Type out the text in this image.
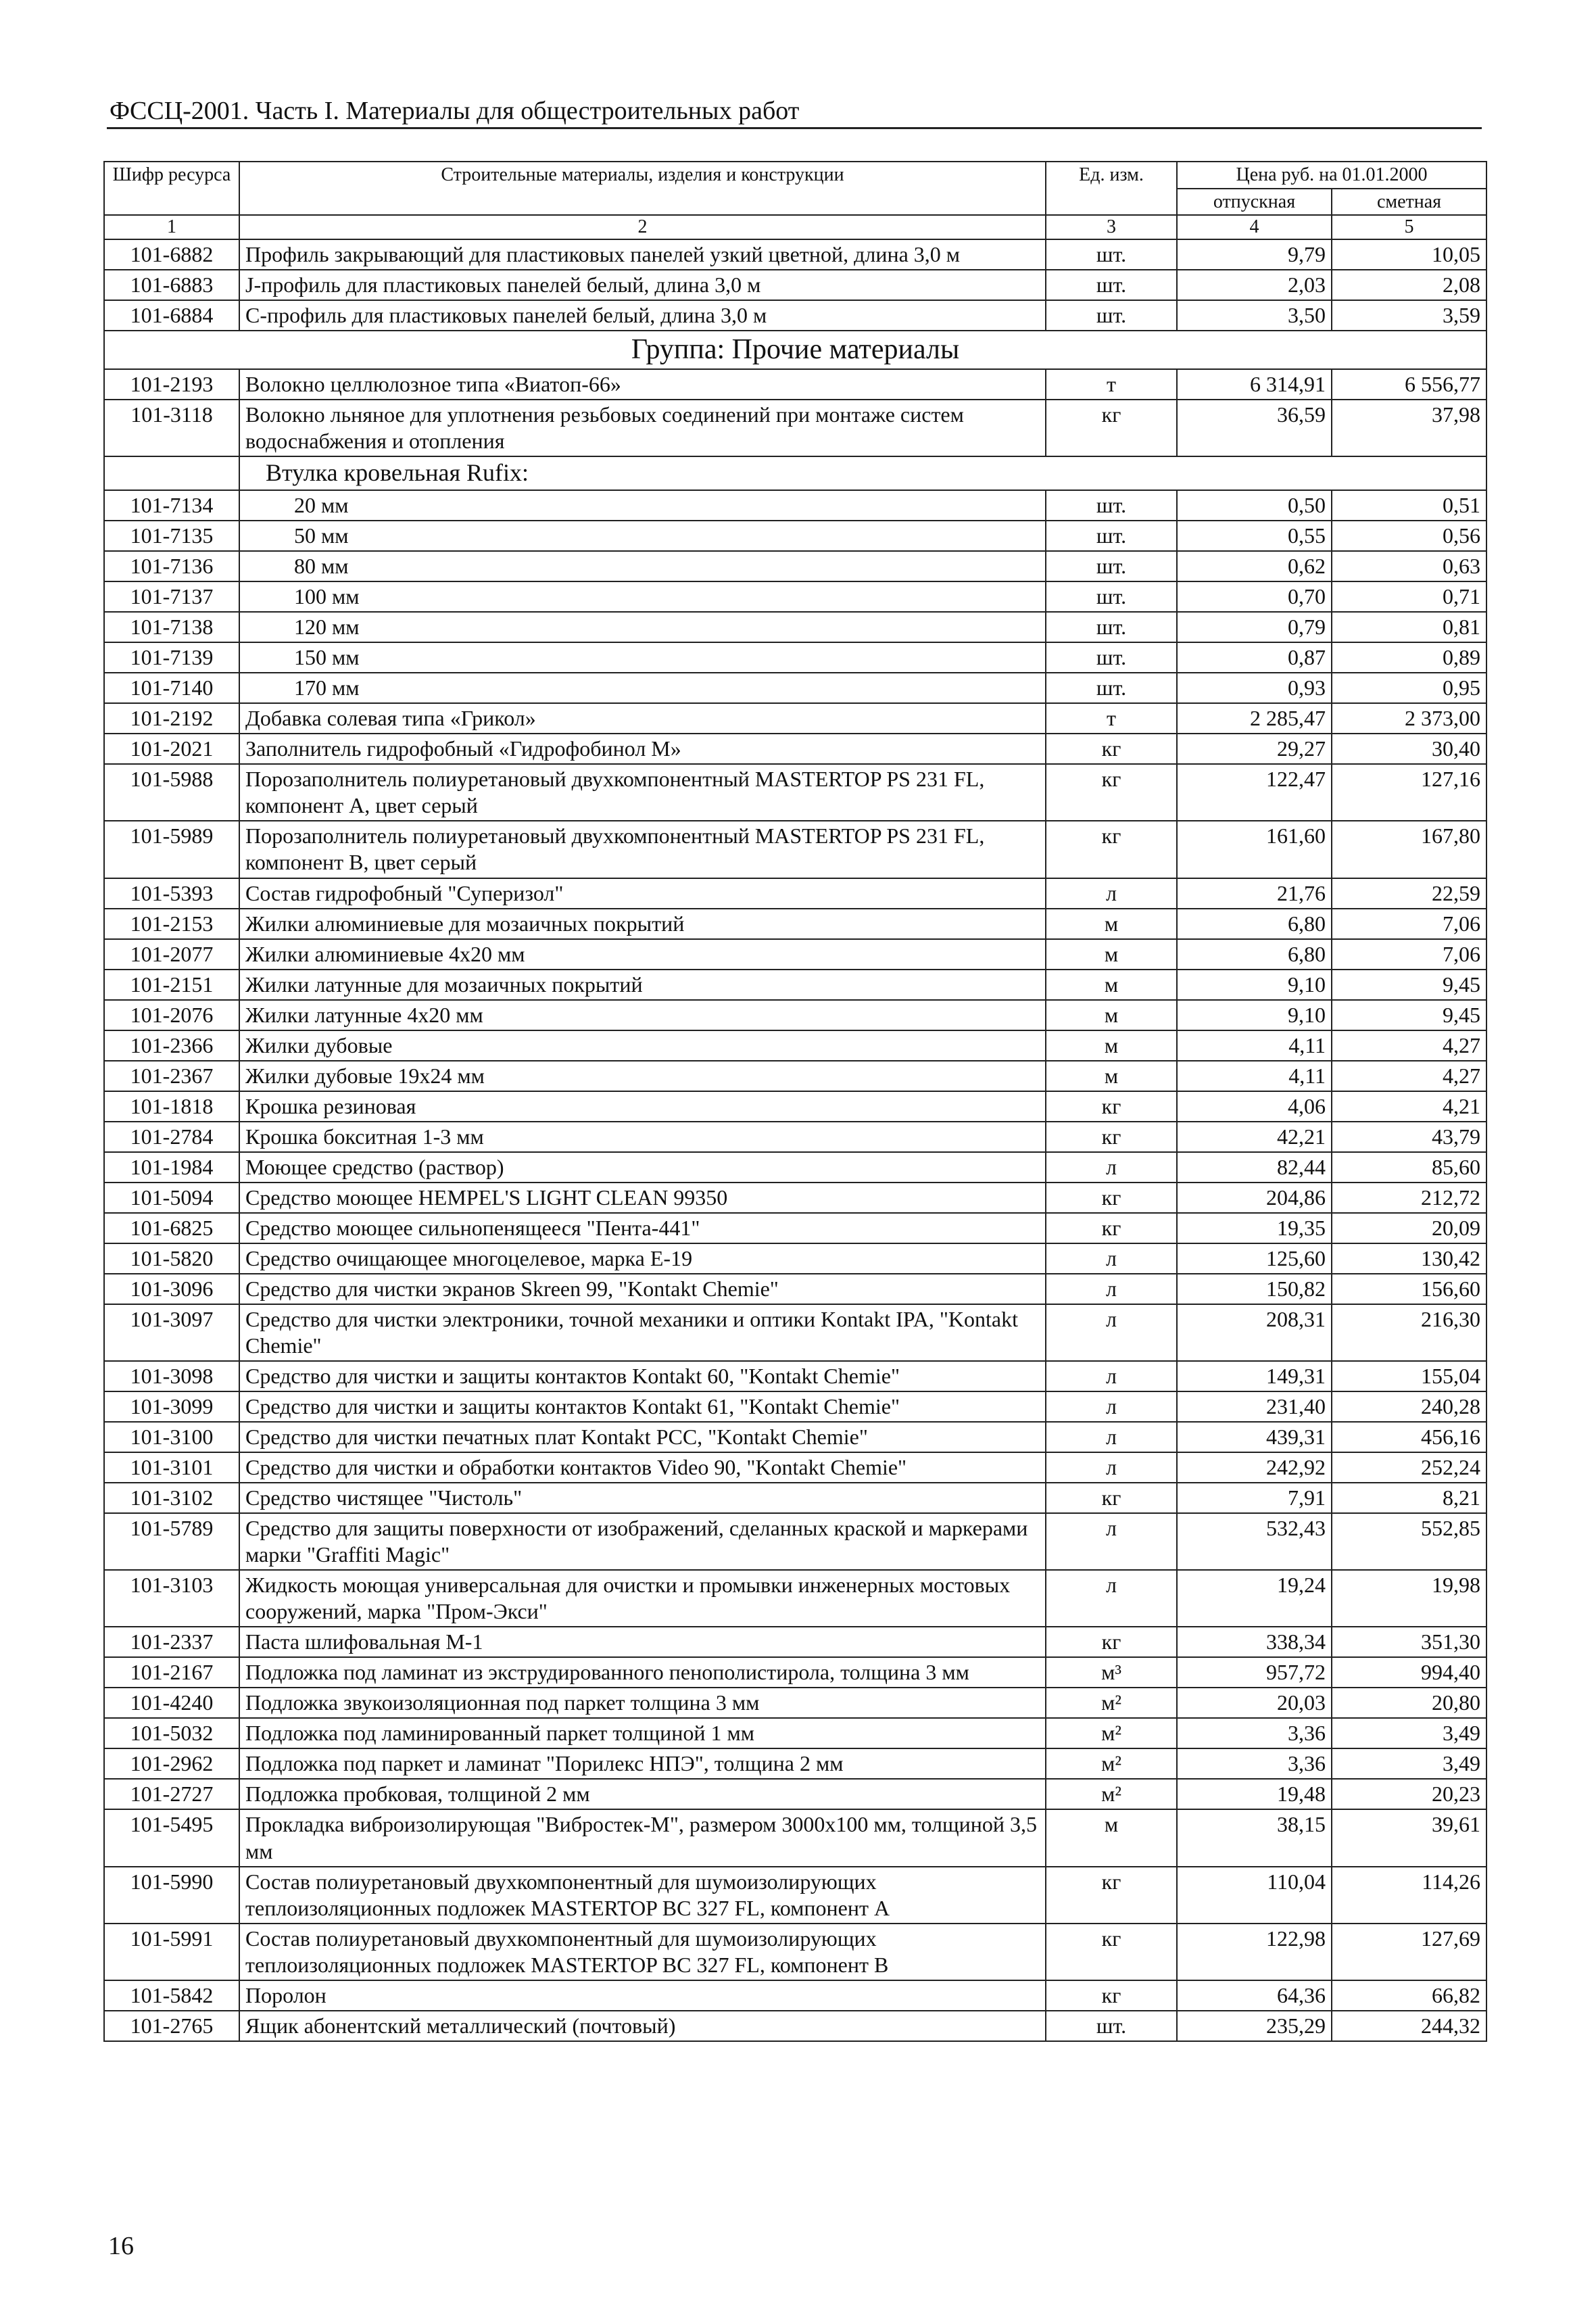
ФССЦ-2001. Часть I. Материалы для общестроительных работ
Шифр ресурса	Строительные материалы, изделия и конструкции	Ед. изм.	Цена руб. на 01.01.2000	
			отпускная	сметная
1	2	3	4	5
101-6882	Профиль закрывающий для пластиковых панелей узкий цветной, длина 3,0 м	шт.	9,79	10,05
101-6883	J-профиль для пластиковых панелей белый, длина 3,0 м	шт.	2,03	2,08
101-6884	С-профиль для пластиковых панелей белый, длина 3,0 м	шт.	3,50	3,59
Группа: Прочие материалы				
101-2193	Волокно целлюлозное типа «Виатоп-66»	т	6 314,91	6 556,77
101-3118	Волокно льняное для уплотнения резьбовых соединений при монтаже систем водоснабжения и отопления	кг	36,59	37,98
	Втулка кровельная Rufix:			
101-7134	20 мм	шт.	0,50	0,51
101-7135	50 мм	шт.	0,55	0,56
101-7136	80 мм	шт.	0,62	0,63
101-7137	100 мм	шт.	0,70	0,71
101-7138	120 мм	шт.	0,79	0,81
101-7139	150 мм	шт.	0,87	0,89
101-7140	170 мм	шт.	0,93	0,95
101-2192	Добавка солевая типа «Грикол»	т	2 285,47	2 373,00
101-2021	Заполнитель гидрофобный «Гидрофобинол М»	кг	29,27	30,40
101-5988	Порозаполнитель полиуретановый двухкомпонентный MASTERTOP PS 231 FL, компонент А, цвет серый	кг	122,47	127,16
101-5989	Порозаполнитель полиуретановый двухкомпонентный MASTERTOP PS 231 FL, компонент В, цвет серый	кг	161,60	167,80
101-5393	Состав гидрофобный "Суперизол"	л	21,76	22,59
101-2153	Жилки алюминиевые для мозаичных покрытий	м	6,80	7,06
101-2077	Жилки алюминиевые 4x20 мм	м	6,80	7,06
101-2151	Жилки латунные для мозаичных покрытий	м	9,10	9,45
101-2076	Жилки латунные 4x20 мм	м	9,10	9,45
101-2366	Жилки дубовые	м	4,11	4,27
101-2367	Жилки дубовые 19x24 мм	м	4,11	4,27
101-1818	Крошка резиновая	кг	4,06	4,21
101-2784	Крошка бокситная 1-3 мм	кг	42,21	43,79
101-1984	Моющее средство (раствор)	л	82,44	85,60
101-5094	Средство моющее HEMPEL'S LIGHT CLEAN 99350	кг	204,86	212,72
101-6825	Средство моющее сильнопенящееся "Пента-441"	кг	19,35	20,09
101-5820	Средство очищающее многоцелевое, марка Е-19	л	125,60	130,42
101-3096	Средство для чистки экранов Skreen 99, "Kontakt Chemie"	л	150,82	156,60
101-3097	Средство для чистки электроники, точной механики и оптики Kontakt IPA, "Kontakt Chemie"	л	208,31	216,30
101-3098	Средство для чистки и защиты контактов Kontakt 60, "Kontakt Chemie"	л	149,31	155,04
101-3099	Средство для чистки и защиты контактов Kontakt 61, "Kontakt Chemie"	л	231,40	240,28
101-3100	Средство для чистки печатных плат Kontakt PCC, "Kontakt Chemie"	л	439,31	456,16
101-3101	Средство для чистки и обработки контактов Video 90, "Kontakt Chemie"	л	242,92	252,24
101-3102	Средство чистящее "Чистоль"	кг	7,91	8,21
101-5789	Средство для защиты поверхности от изображений, сделанных краской и маркерами марки "Graffiti Magic"	л	532,43	552,85
101-3103	Жидкость моющая универсальная для очистки и промывки инженерных мостовых сооружений, марка "Пром-Экси"	л	19,24	19,98
101-2337	Паста шлифовальная М-1	кг	338,34	351,30
101-2167	Подложка под ламинат из экструдированного пенополистирола, толщина 3 мм	м³	957,72	994,40
101-4240	Подложка звукоизоляционная под паркет толщина 3 мм	м²	20,03	20,80
101-5032	Подложка под ламинированный паркет толщиной 1 мм	м²	3,36	3,49
101-2962	Подложка под паркет и ламинат "Порилекс НПЭ", толщина 2 мм	м²	3,36	3,49
101-2727	Подложка пробковая, толщиной 2 мм	м²	19,48	20,23
101-5495	Прокладка виброизолирующая "Вибростек-М", размером 3000x100 мм, толщиной 3,5 мм	м	38,15	39,61
101-5990	Состав полиуретановый двухкомпонентный для шумоизолирующих теплоизоляционных подложек MASTERTOP BC 327 FL, компонент А	кг	110,04	114,26
101-5991	Состав полиуретановый двухкомпонентный для шумоизолирующих теплоизоляционных подложек MASTERTOP BC 327 FL, компонент В	кг	122,98	127,69
101-5842	Поролон	кг	64,36	66,82
101-2765	Ящик абонентский металлический (почтовый)	шт.	235,29	244,32
16
